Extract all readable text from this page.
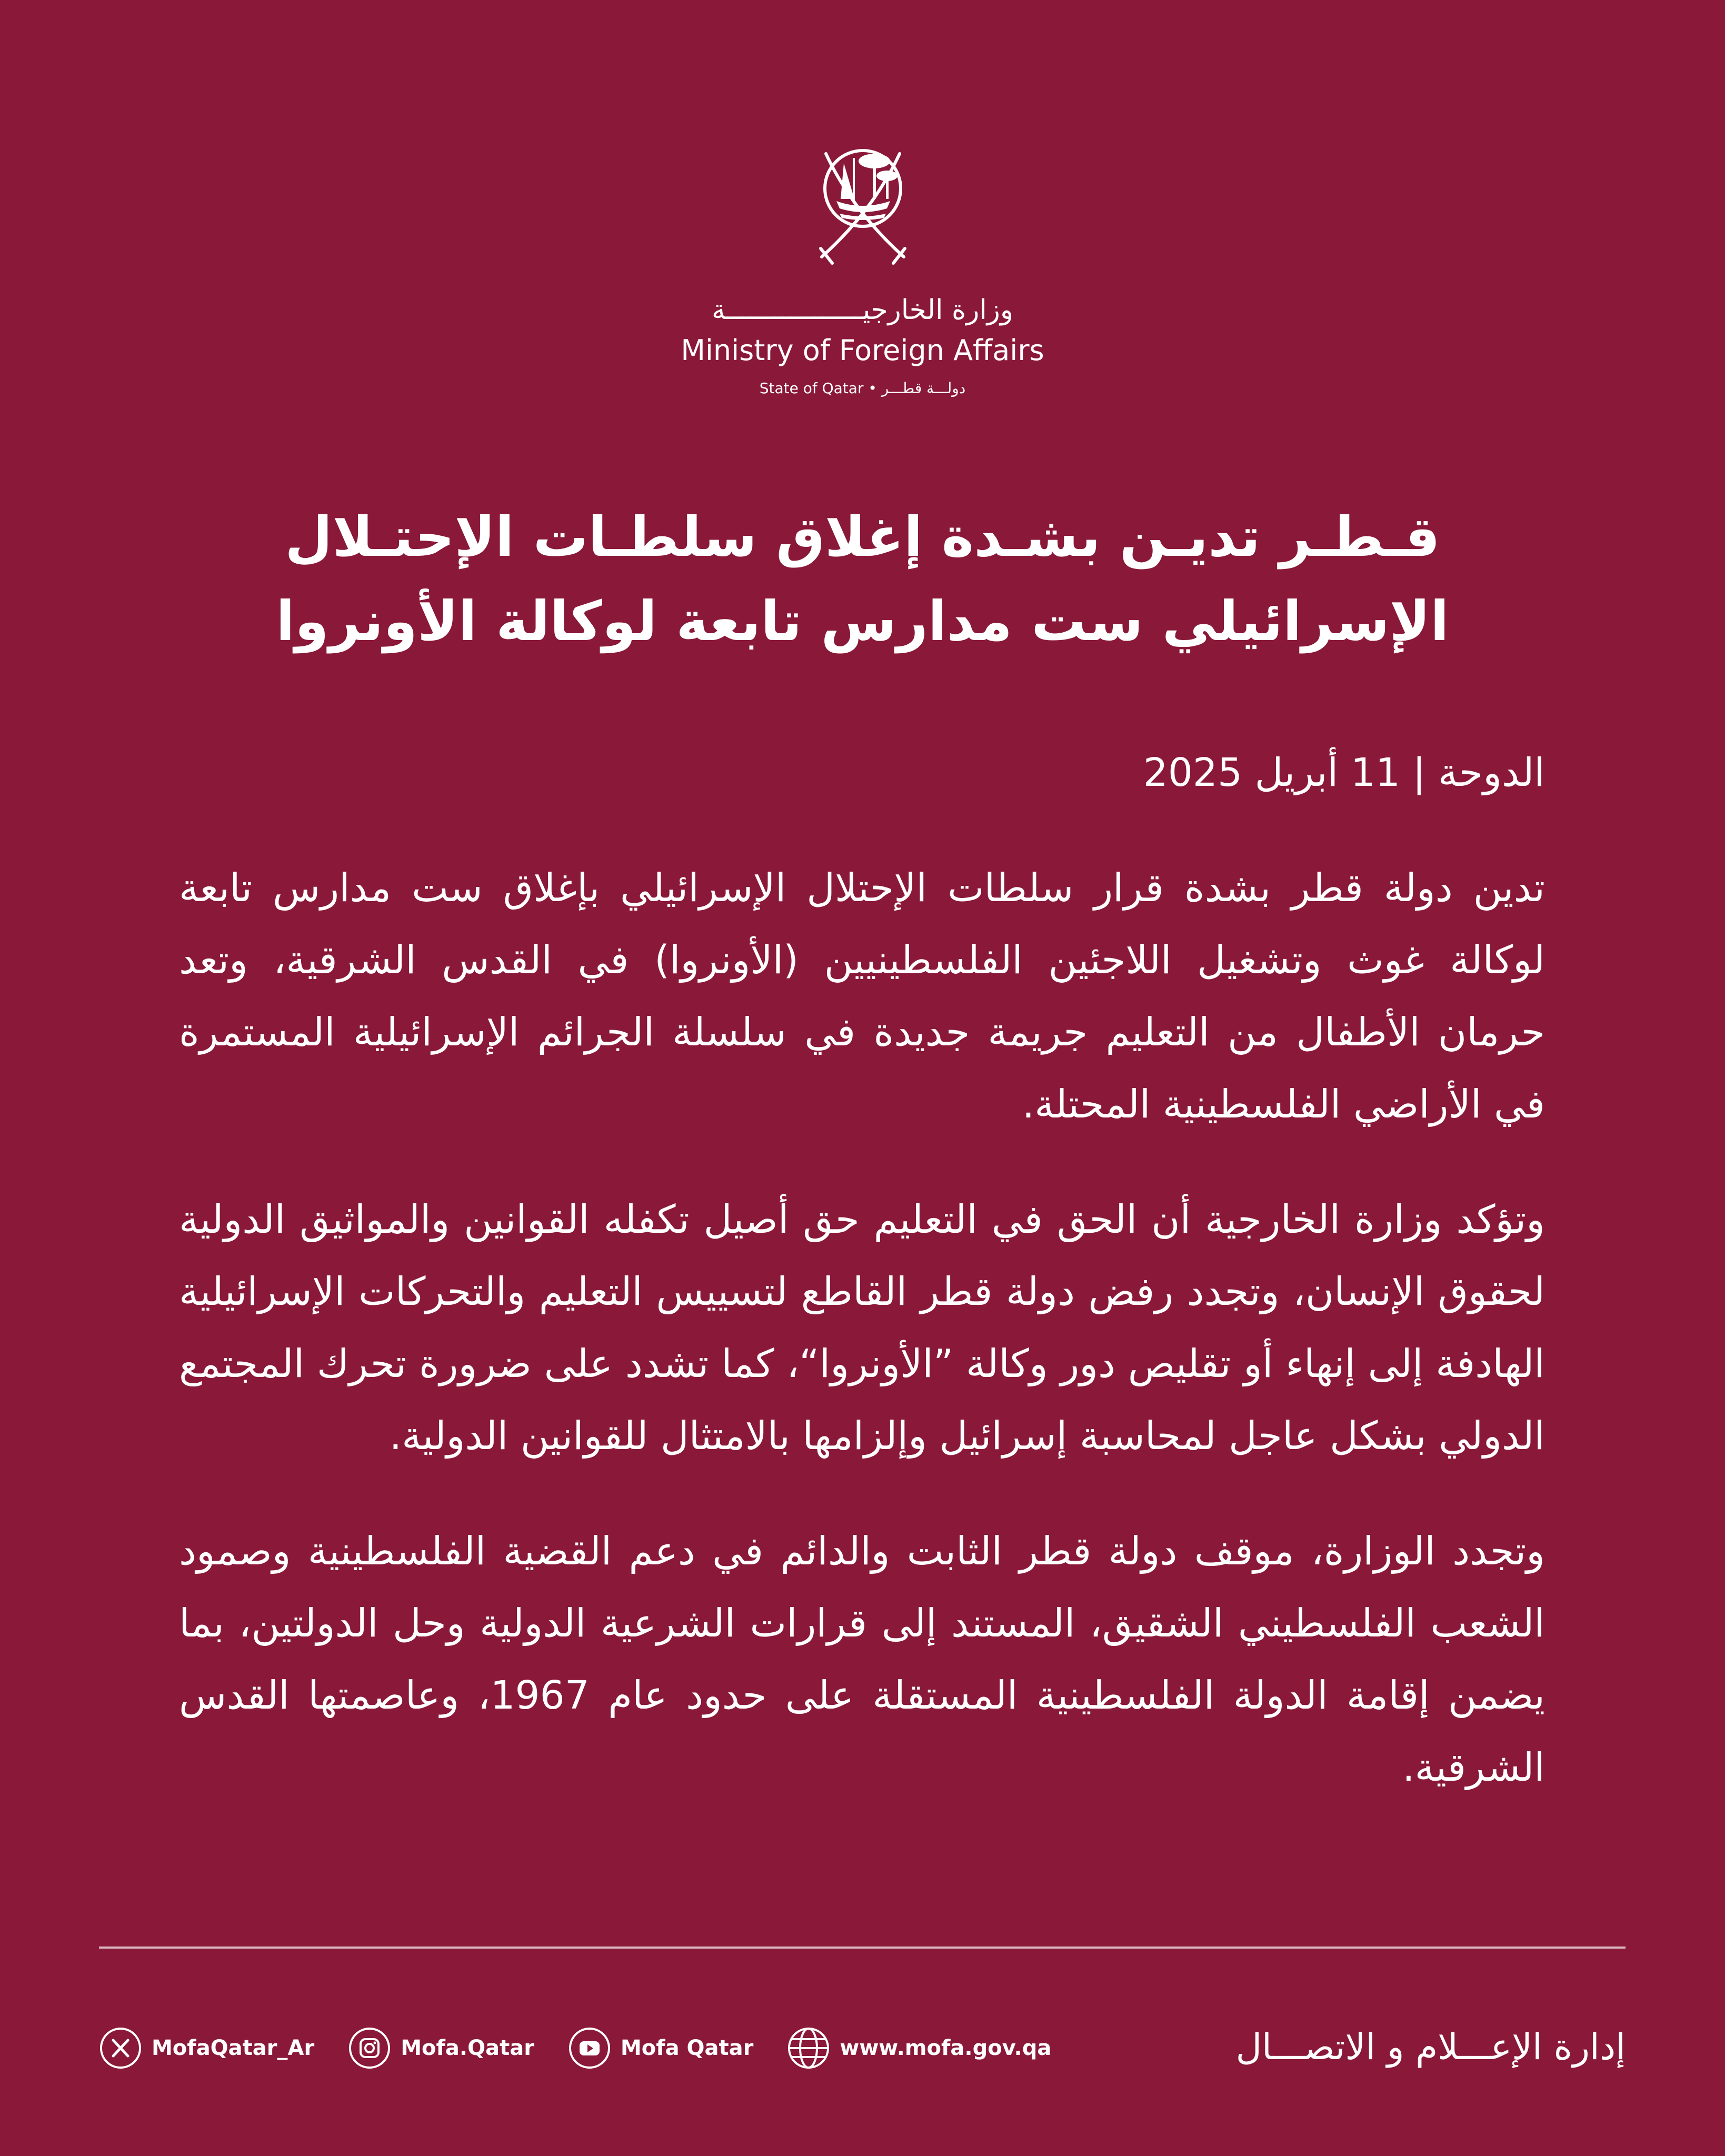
وزارة الخارجيـــــــــــــــــة
Ministry of Foreign Affairs
State of Qatar • دولـــة قطـــر
قـطـر تديـن بشـدة إغلاق سلطـات الإحتـلال
الإسرائيلي ست مدارس تابعة لوكالة الأونروا

الدوحة | 11 أبريل 2025

تدين دولة قطر بشدة قرار سلطات الإحتلال الإسرائيلي بإغلاق ست مدارس تابعة لوكالة غوث وتشغيل اللاجئين الفلسطينيين (الأونروا) في القدس الشرقية، وتعد حرمان الأطفال من التعليم جريمة جديدة في سلسلة الجرائم الإسرائيلية المستمرة في الأراضي الفلسطينية المحتلة.

وتؤكد وزارة الخارجية أن الحق في التعليم حق أصيل تكفله القوانين والمواثيق الدولية لحقوق الإنسان، وتجدد رفض دولة قطر القاطع لتسييس التعليم والتحركات الإسرائيلية الهادفة إلى إنهاء أو تقليص دور وكالة ”الأونروا“، كما تشدد على ضرورة تحرك المجتمع الدولي بشكل عاجل لمحاسبة إسرائيل وإلزامها بالامتثال للقوانين الدولية.

وتجدد الوزارة، موقف دولة قطر الثابت والدائم في دعم القضية الفلسطينية وصمود الشعب الفلسطيني الشقيق، المستند إلى قرارات الشرعية الدولية وحل الدولتين، بما يضمن إقامة الدولة الفلسطينية المستقلة على حدود عام 1967، وعاصمتها القدس الشرقية.

MofaQatar_Ar	Mofa.Qatar	Mofa Qatar	www.mofa.gov.qa	إدارة الإعـــلام و الاتصـــال
